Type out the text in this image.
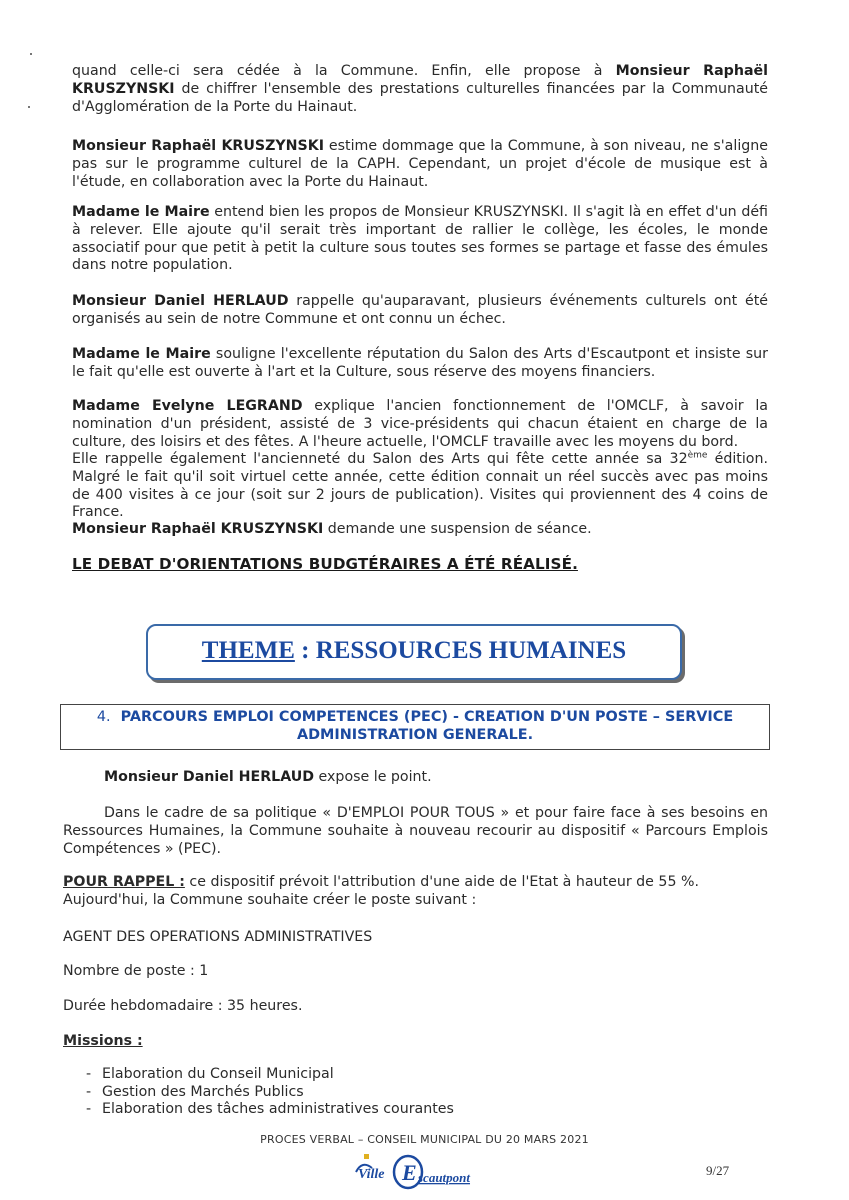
quand celle-ci sera cédée à la Commune. Enfin, elle propose à Monsieur Raphaël KRUSZYNSKI de chiffrer l'ensemble des prestations culturelles financées par la Communauté d'Agglomération de la Porte du Hainaut.
Monsieur Raphaël KRUSZYNSKI estime dommage que la Commune, à son niveau, ne s'aligne pas sur le programme culturel de la CAPH. Cependant, un projet d'école de musique est à l'étude, en collaboration avec la Porte du Hainaut.
Madame le Maire entend bien les propos de Monsieur KRUSZYNSKI. Il s'agit là en effet d'un défi à relever. Elle ajoute qu'il serait très important de rallier le collège, les écoles, le monde associatif pour que petit à petit la culture sous toutes ses formes se partage et fasse des émules dans notre population.
Monsieur Daniel HERLAUD rappelle qu'auparavant, plusieurs événements culturels ont été organisés au sein de notre Commune et ont connu un échec.
Madame le Maire souligne l'excellente réputation du Salon des Arts d'Escautpont et insiste sur le fait qu'elle est ouverte à l'art et la Culture, sous réserve des moyens financiers.
Madame Evelyne LEGRAND explique l'ancien fonctionnement de l'OMCLF, à savoir la nomination d'un président, assisté de 3 vice-présidents qui chacun étaient en charge de la culture, des loisirs et des fêtes. A l'heure actuelle, l'OMCLF travaille avec les moyens du bord.
Elle rappelle également l'ancienneté du Salon des Arts qui fête cette année sa 32ème édition. Malgré le fait qu'il soit virtuel cette année, cette édition connait un réel succès avec pas moins de 400 visites à ce jour (soit sur 2 jours de publication). Visites qui proviennent des 4 coins de France.
Monsieur Raphaël KRUSZYNSKI demande une suspension de séance.
LE DEBAT D'ORIENTATIONS BUDGTÉRAIRES A ÉTÉ RÉALISÉ.
THEME : RESSOURCES HUMAINES
4. PARCOURS EMPLOI COMPETENCES (PEC) - CREATION D'UN POSTE – SERVICE
ADMINISTRATION GENERALE.
Monsieur Daniel HERLAUD expose le point.
Dans le cadre de sa politique « D'EMPLOI POUR TOUS » et pour faire face à ses besoins en Ressources Humaines, la Commune souhaite à nouveau recourir au dispositif « Parcours Emplois Compétences » (PEC).
POUR RAPPEL : ce dispositif prévoit l'attribution d'une aide de l'Etat à hauteur de 55 %.
Aujourd'hui, la Commune souhaite créer le poste suivant :
AGENT DES OPERATIONS ADMINISTRATIVES
Nombre de poste : 1
Durée hebdomadaire : 35 heures.
Missions :
- Elaboration du Conseil Municipal
- Gestion des Marchés Publics
- Elaboration des tâches administratives courantes
PROCES VERBAL – CONSEIL MUNICIPAL DU 20 MARS 2021
Ville E scautpont	9/27
